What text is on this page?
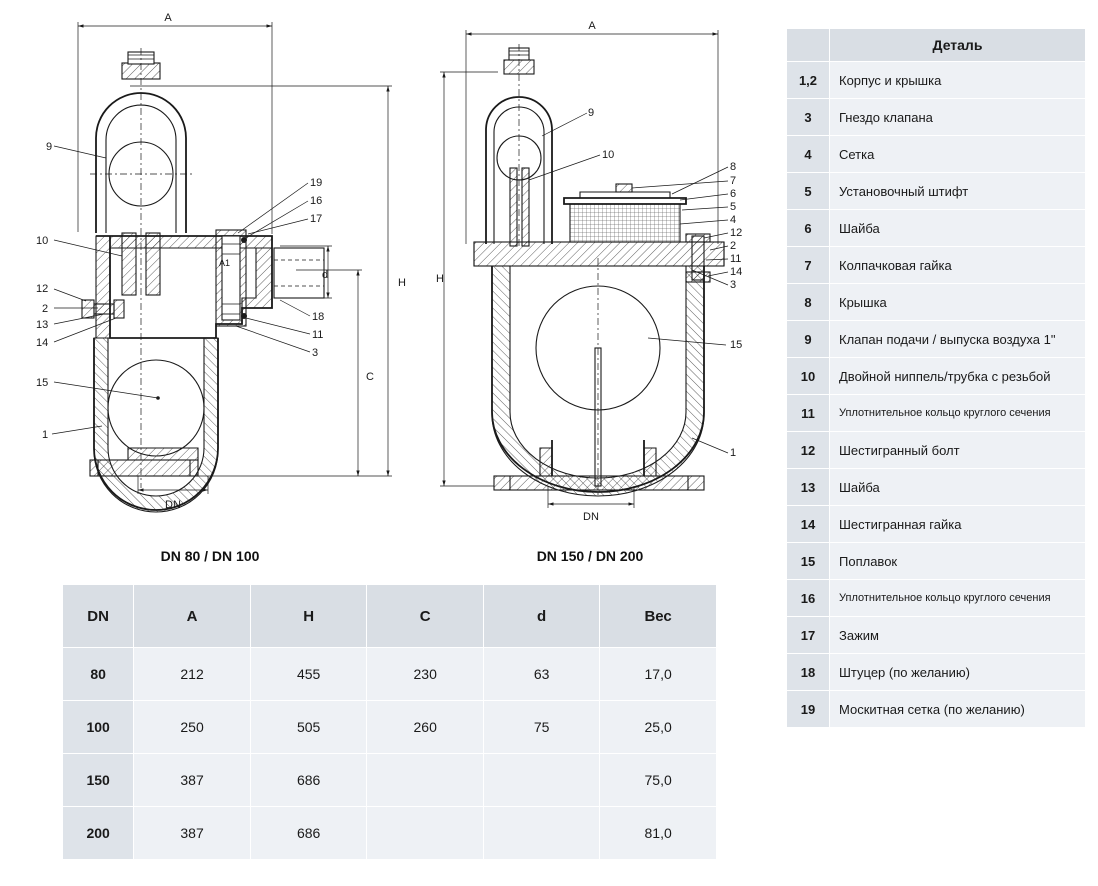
A
H
C
d
A1
9
10
12
2
13
14
15
1
19
16
17
18
11
3
DN 80 / DN 100
A
H
DN
9
10
8
7
6
5
4
12
2
11
14
3
15
1
DN 150 / DN 200
DN	A	H	C	d	Вес
80	212	455	230	63	17,0
100	250	505	260	75	25,0
150	387	686			75,0
200	387	686			81,0
	Деталь
1,2	Корпус и крышка
3	Гнездо клапана
4	Сетка
5	Установочный штифт
6	Шайба
7	Колпачковая гайка
8	Крышка
9	Клапан подачи / выпуска воздуха 1"
10	Двойной ниппель/трубка с резьбой
11	Уплотнительное кольцо круглого сечения
12	Шестигранный болт
13	Шайба
14	Шестигранная гайка
15	Поплавок
16	Уплотнительное кольцо круглого сечения
17	Зажим
18	Штуцер (по желанию)
19	Москитная сетка (по желанию)
